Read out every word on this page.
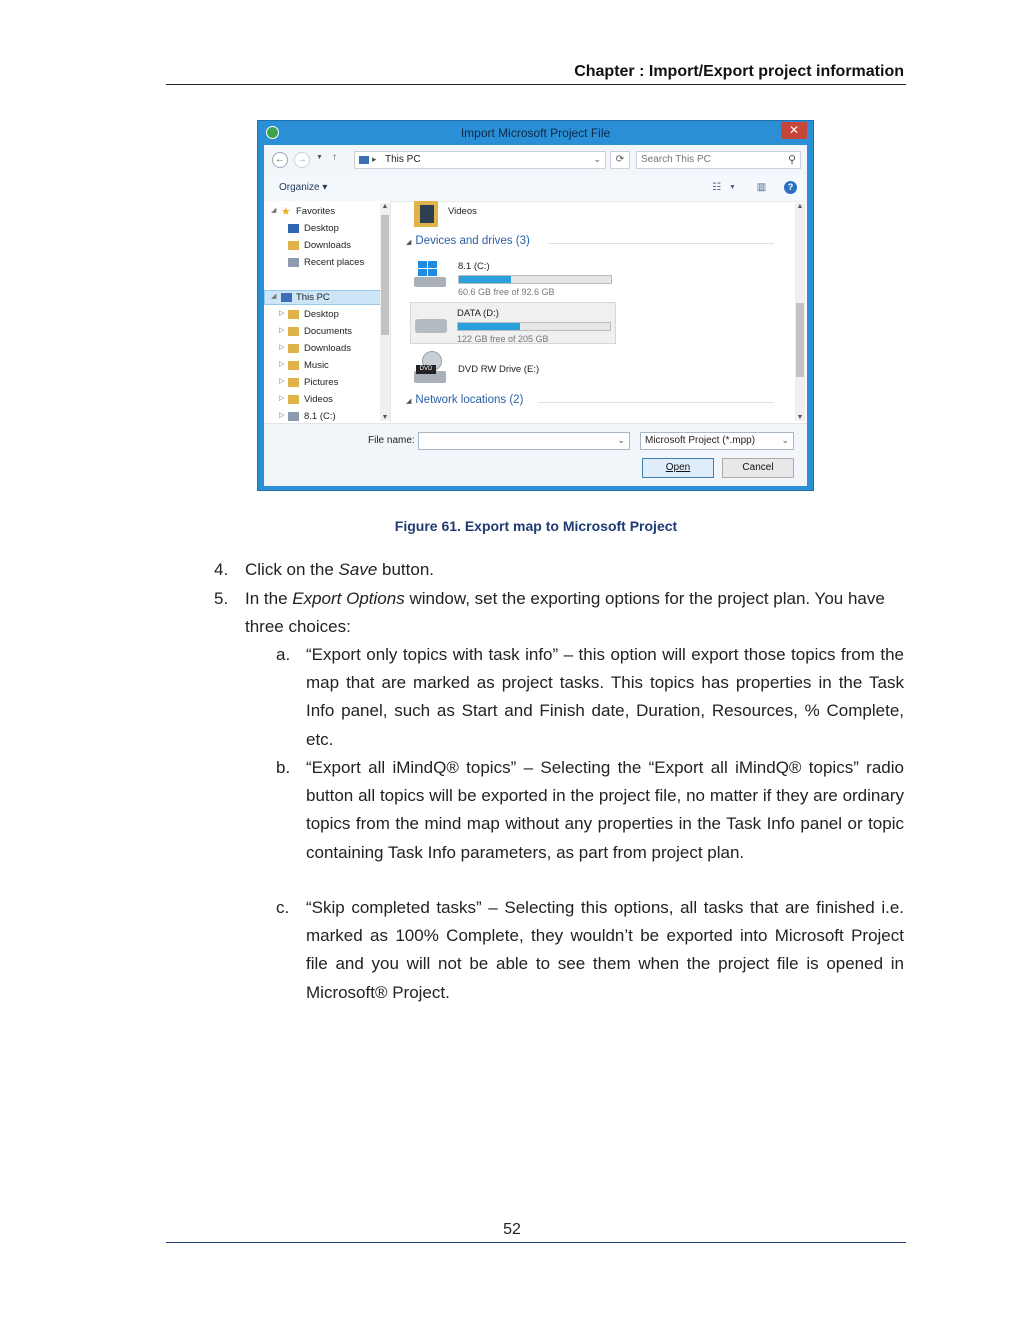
Chapter : Import/Export project information
Import Microsoft Project File	✕
←	→	▼ ↑	▸ This PC	⌄	⟳	Search This PC	⚲
Organize ▾	☷	▼	▥	?
◢ ★ Favorites
Desktop
Downloads
Recent places
◢ This PC
▷ Desktop
▷ Documents
▷ Downloads
▷ Music
▷ Pictures
▷ Videos
▷ 8.1 (C:)
▲
▼
Videos
◢ Devices and drives (3)
8.1 (C:)
60.6 GB free of 92.6 GB
DATA (D:)
122 GB free of 205 GB
DVD	DVD RW Drive (E:)
◢ Network locations (2)
▲
▼
File name:	⌄ Microsoft Project (*.mpp)	⌄
Open	Cancel
Figure 61. Export map to Microsoft Project
4. Click on the Save button.
5. In the Export Options window, set the exporting options for the project plan. You have three choices:
a. “Export only topics with task info” – this option will export those topics from the map that are marked as project tasks. This topics has properties in the Task Info panel, such as Start and Finish date, Duration, Resources, % Complete, etc.
b. “Export all iMindQ® topics” – Selecting the “Export all iMindQ® topics” radio button all topics will be exported in the project file, no matter if they are ordinary topics from the mind map without any properties in the Task Info panel or topic containing Task Info parameters, as part from project plan.
c. “Skip completed tasks” – Selecting this options, all tasks that are finished i.e. marked as 100% Complete, they wouldn’t be exported into Microsoft Project file and you will not be able to see them when the project file is opened in Microsoft® Project.
52
